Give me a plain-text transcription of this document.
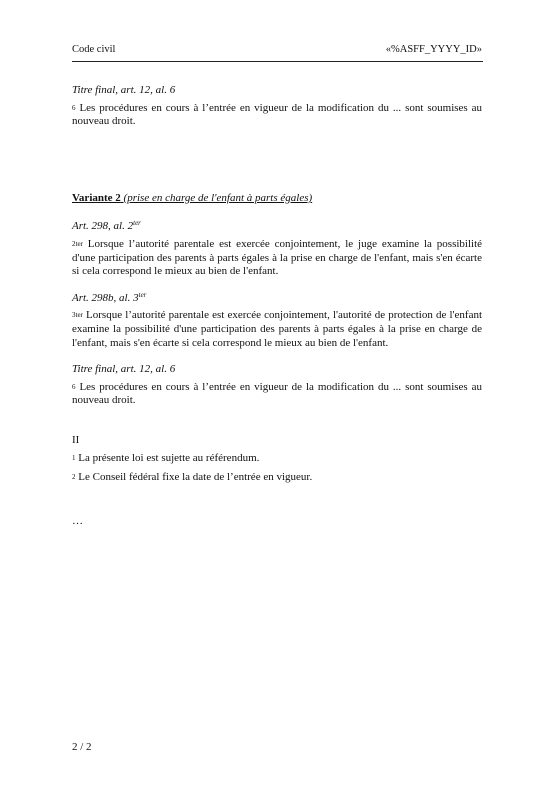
Code civil	«%ASFF_YYYY_ID»

Titre final, art. 12, al. 6

$^6$ Les procédures en cours à l’entrée en vigueur de la modification du ... sont soumises au nouveau droit.

Variante 2 (prise en charge de l'enfant à parts égales)

Art. 298, al. $2^{ter}$

$^{2ter}$ Lorsque l’autorité parentale est exercée conjointement, le juge examine la possibilité d'une participation des parents à parts égales à la prise en charge de l'enfant, mais s'en écarte si cela correspond le mieux au bien de l'enfant.

Art. 298b, al. $3^{ter}$

$^{3ter}$ Lorsque l’autorité parentale est exercée conjointement, l'autorité de protection de l'enfant examine la possibilité d'une participation des parents à parts égales à la prise en charge de l'enfant, mais s'en écarte si cela correspond le mieux au bien de l'enfant.

Titre final, art. 12, al. 6

$^6$ Les procédures en cours à l’entrée en vigueur de la modification du ... sont soumises au nouveau droit.

II

$^1$ La présente loi est sujette au référendum.

$^2$ Le Conseil fédéral fixe la date de l’entrée en vigueur.

…

2 / 2
